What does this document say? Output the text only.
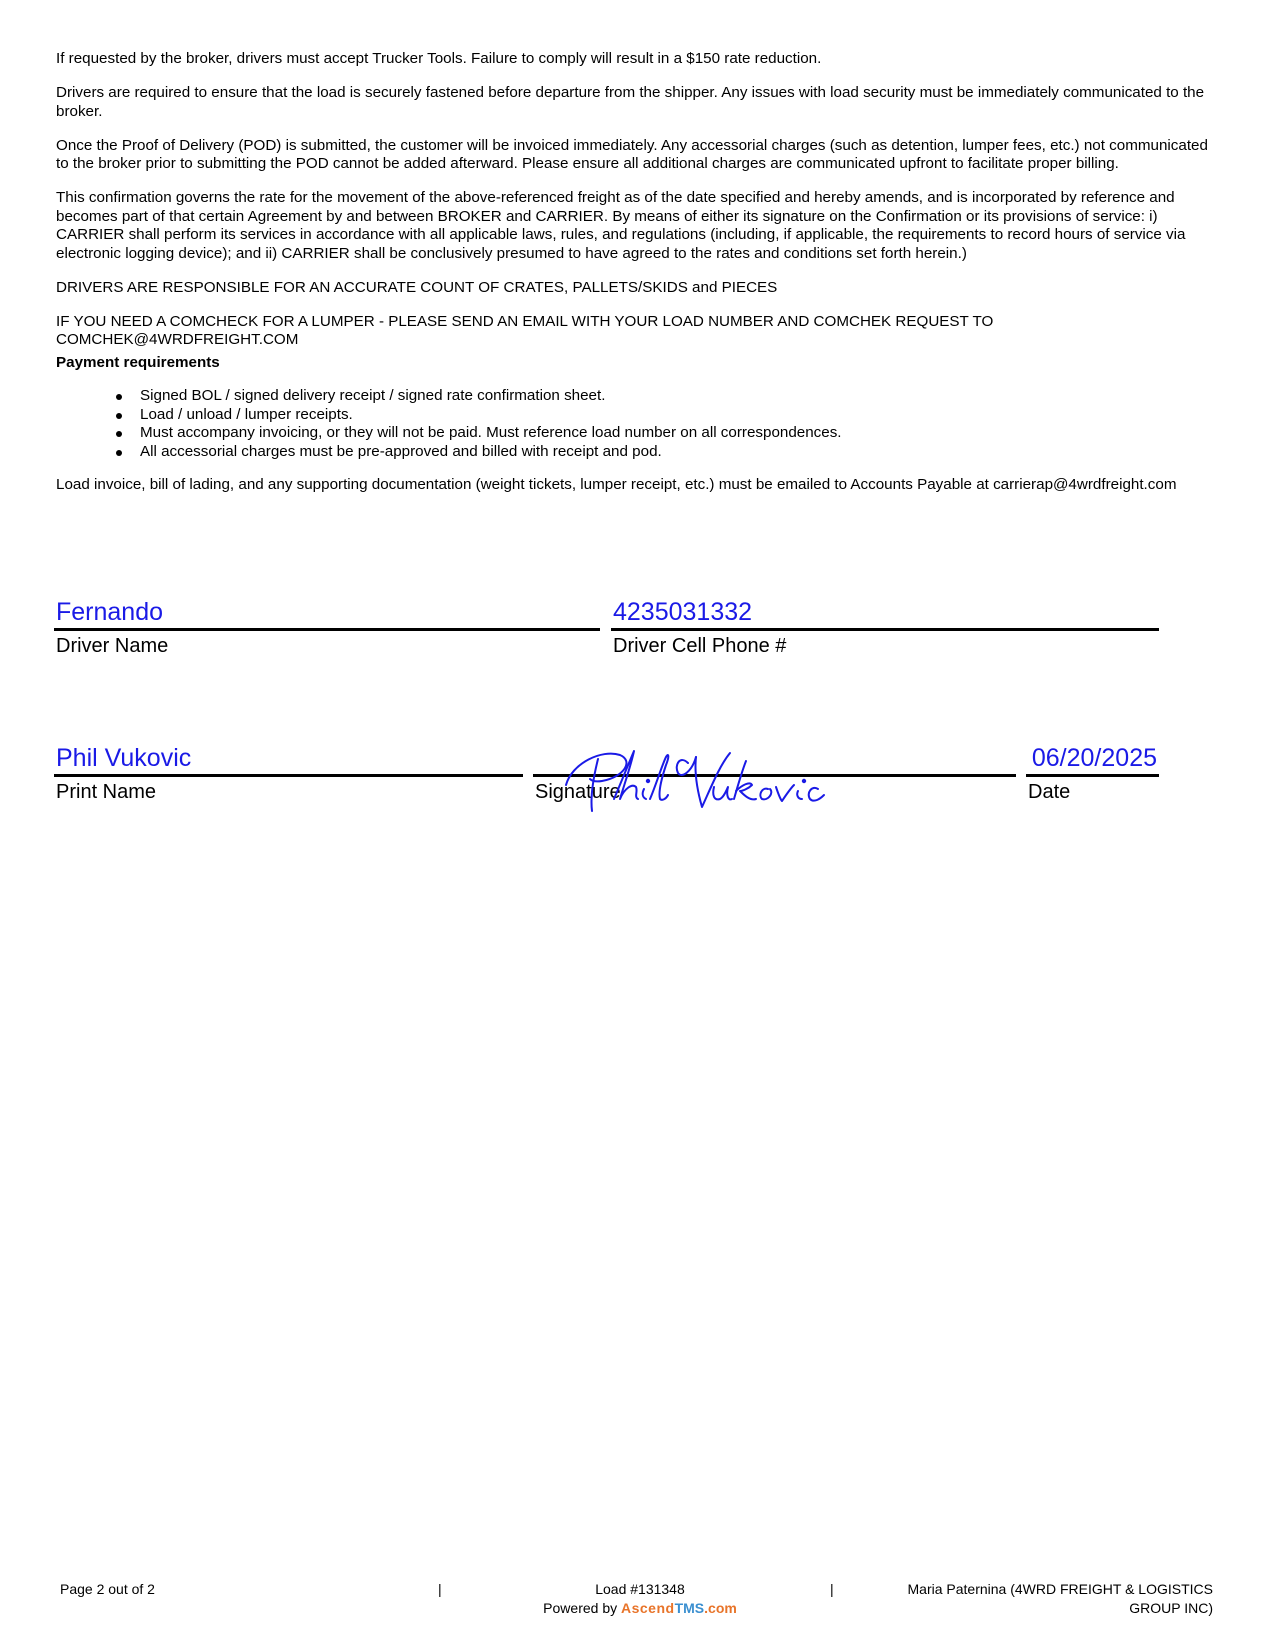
If requested by the broker, drivers must accept Trucker Tools. Failure to comply will result in a $150 rate reduction.

Drivers are required to ensure that the load is securely fastened before departure from the shipper. Any issues with load security must be immediately communicated to the broker.

Once the Proof of Delivery (POD) is submitted, the customer will be invoiced immediately. Any accessorial charges (such as detention, lumper fees, etc.) not communicated to the broker prior to submitting the POD cannot be added afterward. Please ensure all additional charges are communicated upfront to facilitate proper billing.

This confirmation governs the rate for the movement of the above-referenced freight as of the date specified and hereby amends, and is incorporated by reference and becomes part of that certain Agreement by and between BROKER and CARRIER. By means of either its signature on the Confirmation or its provisions of service: i) CARRIER shall perform its services in accordance with all applicable laws, rules, and regulations (including, if applicable, the requirements to record hours of service via electronic logging device); and ii) CARRIER shall be conclusively presumed to have agreed to the rates and conditions set forth herein.)

DRIVERS ARE RESPONSIBLE FOR AN ACCURATE COUNT OF CRATES, PALLETS/SKIDS and PIECES

IF YOU NEED A COMCHECK FOR A LUMPER - PLEASE SEND AN EMAIL WITH YOUR LOAD NUMBER AND COMCHEK REQUEST TO COMCHEK@4WRDFREIGHT.COM

Payment requirements
Signed BOL / signed delivery receipt / signed rate confirmation sheet.
Load / unload / lumper receipts.
Must accompany invoicing, or they will not be paid. Must reference load number on all correspondences.
All accessorial charges must be pre-approved and billed with receipt and pod.

Load invoice, bill of lading, and any supporting documentation (weight tickets, lumper receipt, etc.) must be emailed to Accounts Payable at carrierap@4wrdfreight.com

Fernando
Driver Name
4235031332
Driver Cell Phone #
Phil Vukovic
Print Name	Signature
06/20/2025
Date
Page 2 out of 2	|	Load #131348
Powered by AscendTMS.com
|	Maria Paternina (4WRD FREIGHT & LOGISTICS GROUP INC)
